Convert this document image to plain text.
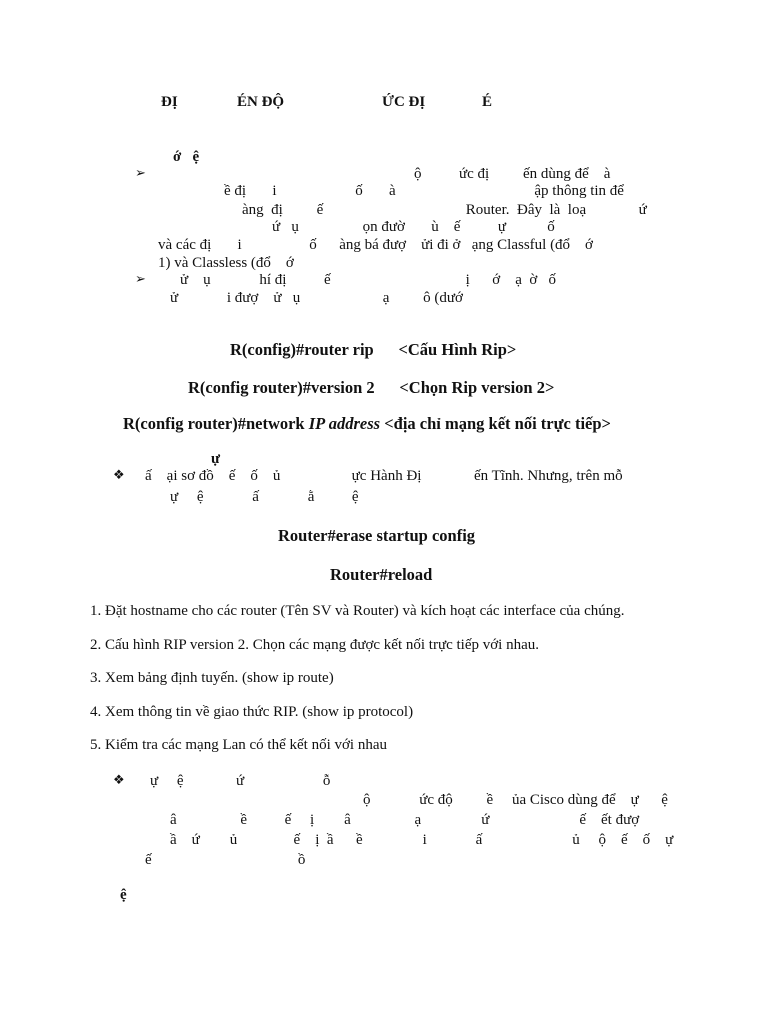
ĐỊ	ÉN ĐỘ	ỨC ĐỊ	É
ớ   ệ
➢	ộ          ức đị         ến dùng để    à
ề đị       i                     ố       à                                     ập thông tin để
àng  đị         ế                                      Router.  Đây  là  loạ              ứ
ứ   ụ                 ọn đườ       ù    ế          ự           ố
và các đị       i                  ố      àng bá đượ    ửi đi ở   ạng Classful (đổ    ớ
1) và Classless (đổ    ớ
➢ ử    ụ             hí đị          ế                                    ị      ớ    ạ  ờ   ố
ử             i đượ    ử   ụ                      ạ         ô (dướ
R(config)#router rip      <Cấu Hình Rip>
R(config router)#version 2      <Chọn Rip version 2>
R(config router)#network IP address <địa chỉ mạng kết nối trực tiếp>
ự
❖ ấ    ại sơ đồ    ế    ố    ủ                   ực Hành Đị              ến Tĩnh. Nhưng, trên mỗ
ự     ệ             ấ             ằ          ệ
Router#erase startup config
Router#reload
1. Đặt hostname cho các router (Tên SV và Router) và kích hoạt các interface của chúng.
2. Cấu hình RIP version 2. Chọn các mạng được kết nối trực tiếp với nhau.
3. Xem bảng định tuyến. (show ip route)
4. Xem thông tin về giao thức RIP. (show ip protocol)
5. Kiểm tra các mạng Lan có thể kết nối với nhau
❖ ự     ệ              ứ                     ỗ
ộ             ức độ         ề     ủa Cisco dùng để    ự      ệ
â                 ề          ế     ị        â                 ạ                ứ                        ế    ết đượ
ầ    ứ        ủ               ế    ị  ầ      ề                i             ấ                        ủ     ộ    ế    ố    ự
ế                                       ồ
ệ
